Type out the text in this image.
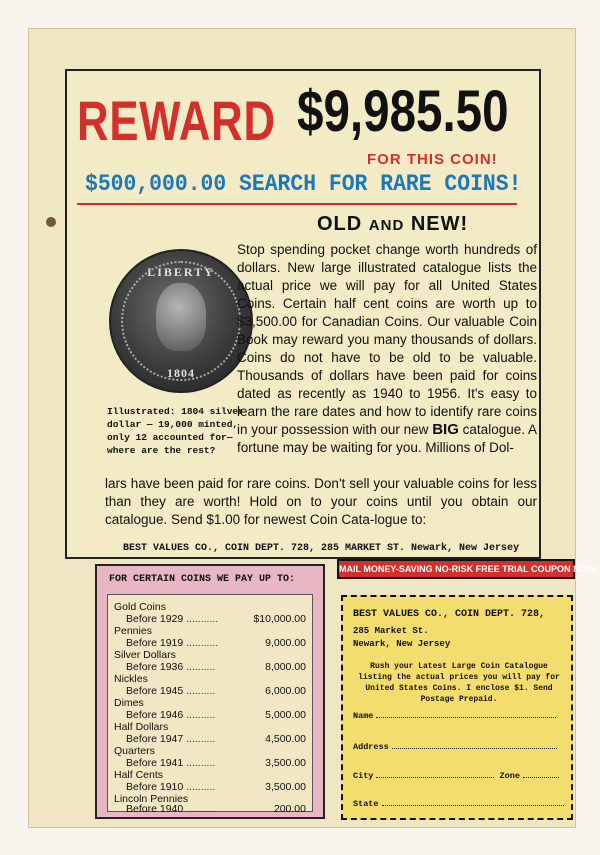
REWARD $9,985.50
FOR THIS COIN!
$500,000.00 SEARCH FOR RARE COINS!
OLD AND NEW!
LIBERTY
1804
Illustrated: 1804 silver dollar — 19,000 minted, only 12 accounted for— where are the rest?
Stop spending pocket change worth hundreds of dollars. New large illustrated catalogue lists the actual price we will pay for all United States Coins. Certain half cent coins are worth up to $3,500.00 for Canadian Coins. Our valuable Coin Book may reward you many thousands of dollars. Coins do not have to be old to be valuable. Thousands of dollars have been paid for coins dated as recently as 1940 to 1956. It's easy to learn the rare dates and how to identify rare coins in your possession with our new BIG catalogue. A fortune may be waiting for you. Millions of Dol-
lars have been paid for rare coins. Don't sell your valuable coins for less than they are worth! Hold on to your coins until you obtain our catalogue. Send $1.00 for newest Coin Cata-logue to:
BEST VALUES CO., COIN DEPT. 728, 285 MARKET ST. Newark, New Jersey
MAIL MONEY-SAVING NO-RISK FREE TRIAL COUPON NOW!
FOR CERTAIN COINS WE PAY UP TO:
Gold Coins
Before 1929 ...........	$10,000.00
Pennies
Before 1919 ...........	9,000.00
Silver Dollars
Before 1936 ..........	8,000.00
Nickles
Before 1945 ..........	6,000.00
Dimes
Before 1946 ..........	5,000.00
Half Dollars
Before 1947 ..........	4,500.00
Quarters
Before 1941 ..........	3,500.00
Half Cents
Before 1910 ..........	3,500.00
Lincoln Pennies
Before 1940 ..........	200.00
BEST VALUES CO., COIN DEPT. 728,
285 Market St.
Newark, New Jersey
Rush your Latest Large Coin Catalogue listing the actual prices you will pay for United States Coins. I enclose $1. Send Postage Prepaid.
Name
Address
City	Zone
State
